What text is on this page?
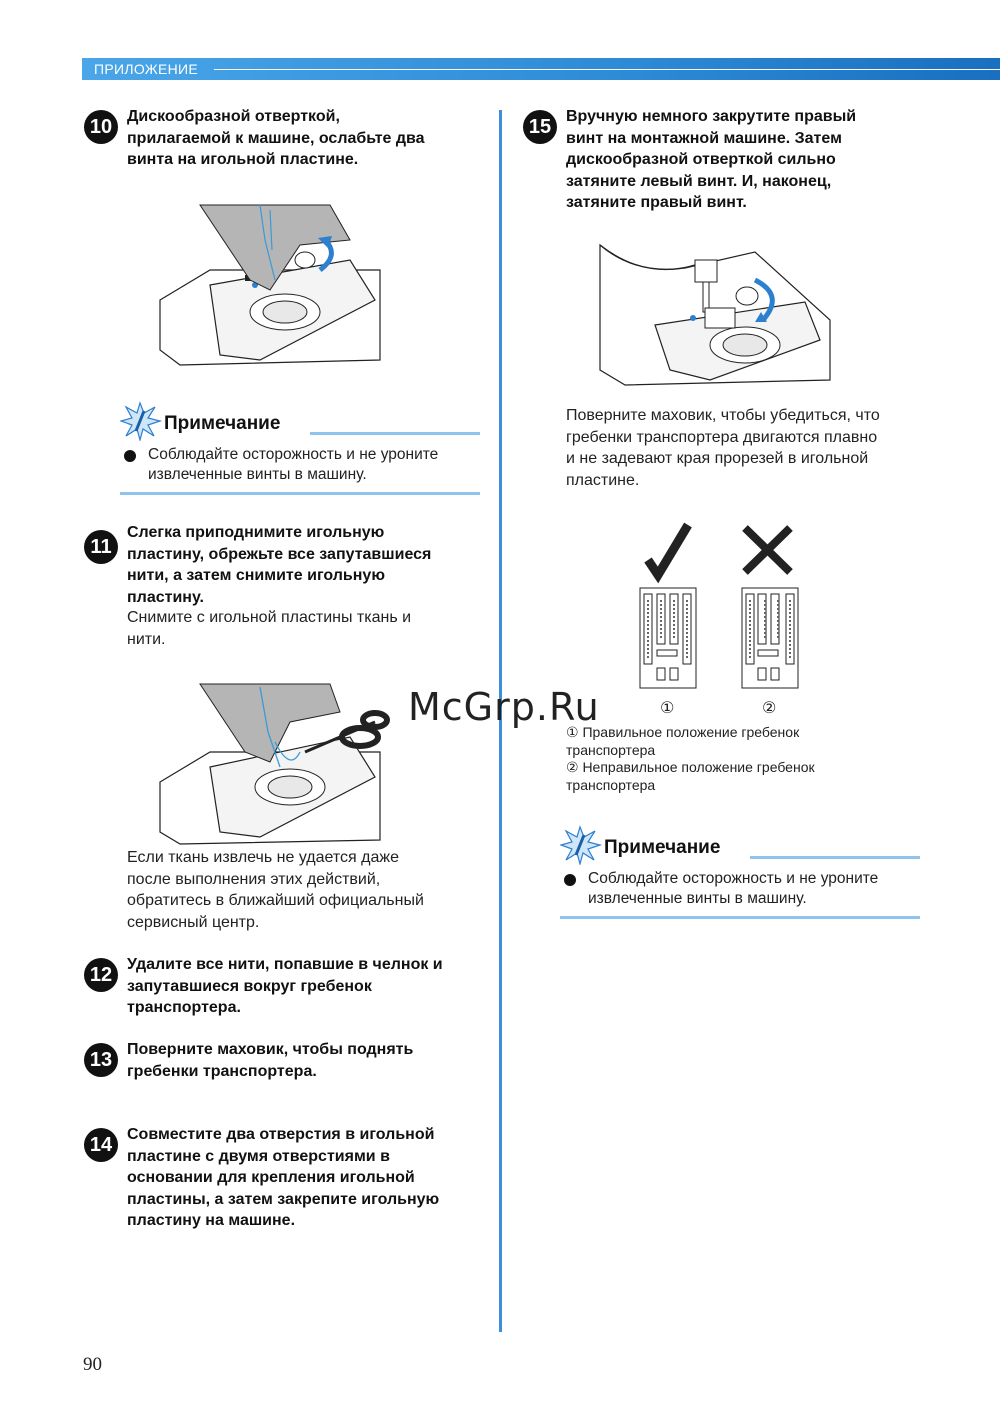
ПРИЛОЖЕНИЕ
10 Дискообразной отверткой,
прилагаемой к машине, ослабьте два
винта на игольной пластине.
Примечание
Соблюдайте осторожность и не уроните
извлеченные винты в машину.
11
Слегка приподнимите игольную
пластину, обрежьте все запутавшиеся
нити, а затем снимите игольную
пластину.
Снимите с игольной пластины ткань и
нити.
Если ткань извлечь не удается даже
после выполнения этих действий,
обратитесь в ближайший официальный
сервисный центр.
12 Удалите все нити, попавшие в челнок и
запутавшиеся вокруг гребенок
транспортера.
13 Поверните маховик, чтобы поднять
гребенки транспортера.
14 Совместите два отверстия в игольной
пластине с двумя отверстиями в
основании для крепления игольной
пластины, а затем закрепите игольную
пластину на машине.
15 Вручную немного закрутите правый
винт на монтажной машине. Затем
дискообразной отверткой сильно
затяните левый винт. И, наконец,
затяните правый винт.
Поверните маховик, чтобы убедиться, что
гребенки транспортера двигаются плавно
и не задевают края прорезей в игольной
пластине.
①	②
① Правильное положение гребенок
транспортера
② Неправильное положение гребенок
транспортера
Примечание
Соблюдайте осторожность и не уроните
извлеченные винты в машину.
McGrp.Ru
90
